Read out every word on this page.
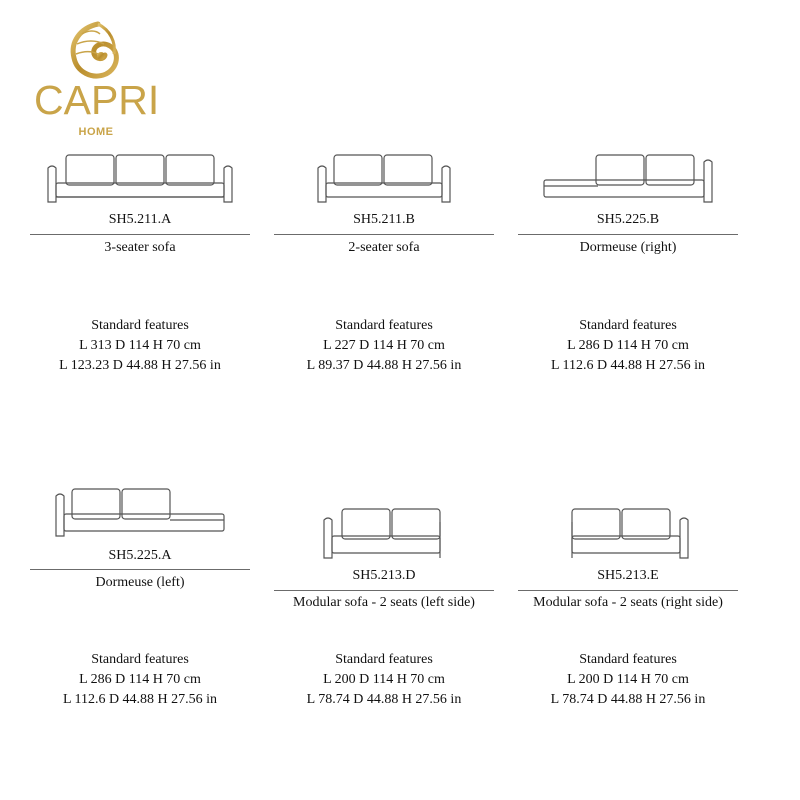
CAPRI
HOME
SH5.211.A
3-seater sofa
Standard features
L 313 D 114 H 70 cm
L 123.23 D 44.88 H 27.56 in
SH5.211.B
2-seater sofa
Standard features
L 227 D 114 H 70 cm
L 89.37 D 44.88 H 27.56 in
SH5.225.B
Dormeuse (right)
Standard features
L 286 D 114 H 70 cm
L 112.6 D 44.88 H 27.56 in
SH5.225.A
Dormeuse (left)
Standard features
L 286 D 114 H 70 cm
L 112.6 D 44.88 H 27.56 in
SH5.213.D
Modular sofa - 2 seats (left side)
Standard features
L 200 D 114 H 70 cm
L 78.74 D 44.88 H 27.56 in
SH5.213.E
Modular sofa - 2 seats (right side)
Standard features
L 200 D 114 H 70 cm
L 78.74 D 44.88 H 27.56 in
